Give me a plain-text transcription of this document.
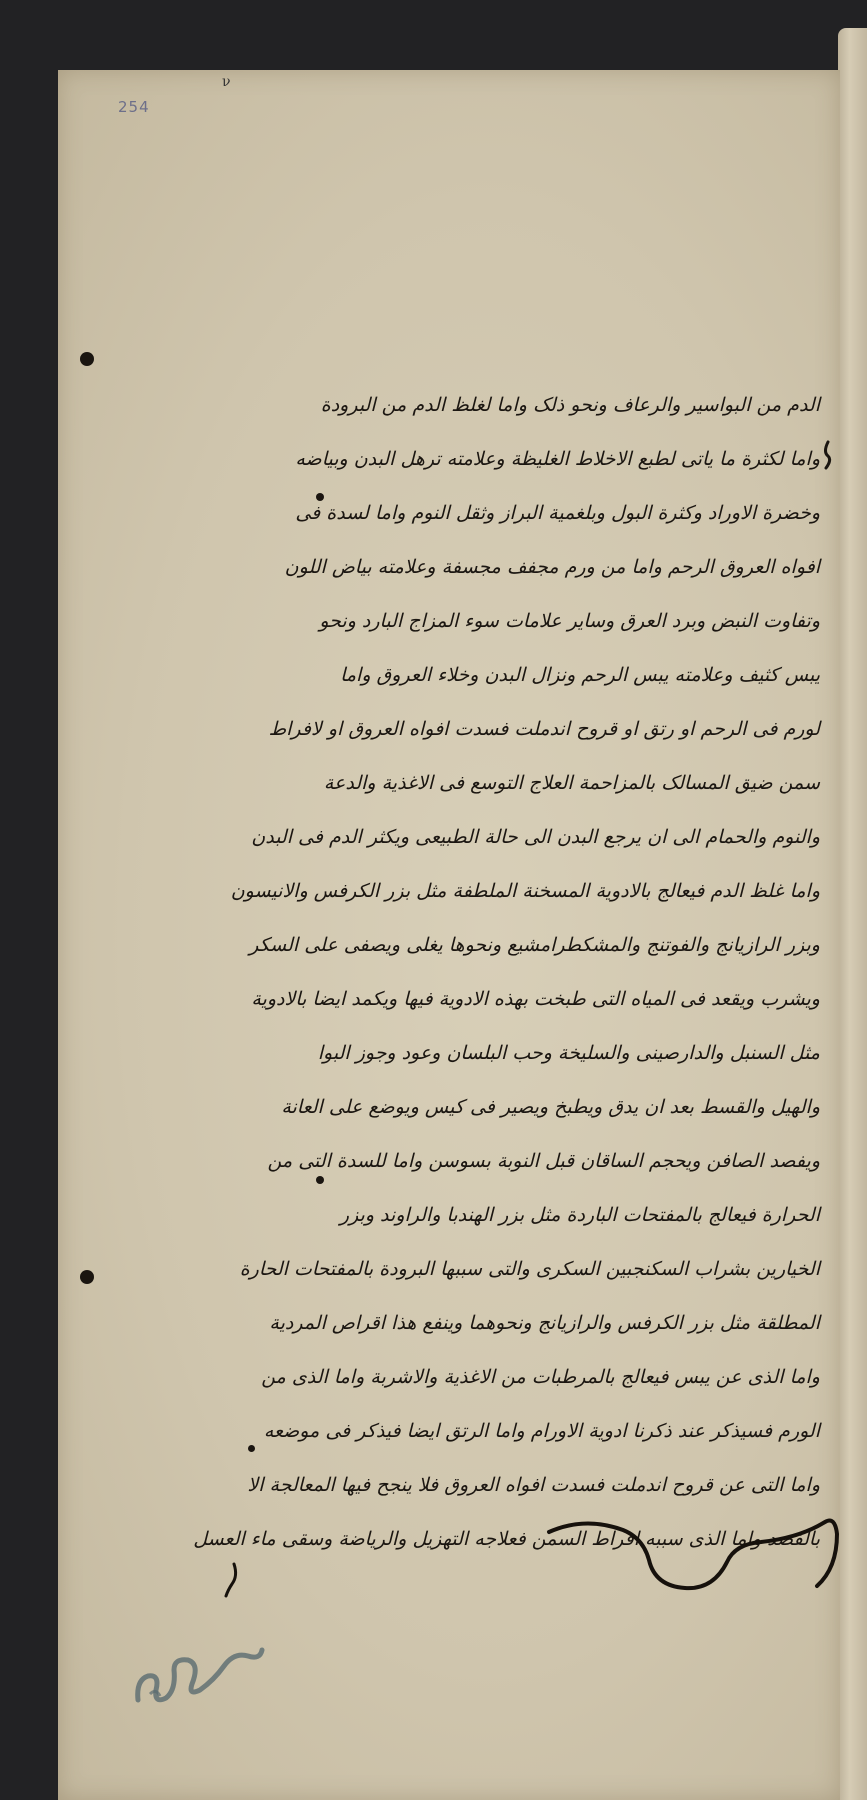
254
ν
الدم من البواسیر والرعاف ونحو ذلک واما لغلظ الدم من البرودة
واما لکثرة ما یاتی لطبع الاخلاط الغلیظة وعلامته ترهل البدن وبیاضه
وخضرة الاوراد وکثرة البول وبلغمیة البراز وثقل النوم واما لسدة فی
افواه العروق الرحم واما من ورم مجفف مجسفة وعلامته بیاض اللون
وتفاوت النبض وبرد العرق وسایر علامات سوء المزاج البارد ونحو
یبس کثیف وعلامته یبس الرحم ونزال البدن وخلاء العروق واما
لورم فی الرحم او رتق او قروح اندملت فسدت افواه العروق او لافراط
سمن ضیق المسالک بالمزاحمة العلاج التوسع فی الاغذیة والدعة
والنوم والحمام الی ان یرجع البدن الی حالة الطبیعی ویکثر الدم فی البدن
واما غلظ الدم فیعالج بالادویة المسخنة الملطفة مثل بزر الکرفس والانیسون
وبزر الرازیانج والفوتنج والمشکطرامشیع ونحوها یغلی ویصفی علی السکر
ویشرب ویقعد فی المیاه التی طبخت بهذه الادویة فیها ویکمد ایضا بالادویة
مثل السنبل والدارصینی والسلیخة وحب البلسان وعود وجوز البوا
والهیل والقسط بعد ان یدق ویطبخ ویصیر فی کیس ویوضع علی العانة
ویفصد الصافن ویحجم الساقان قبل النوبة بسوسن واما للسدة التی من
الحرارة فیعالج بالمفتحات الباردة مثل بزر الهندبا والراوند وبزر
الخیارین بشراب السکنجبین السکری والتی سببها البرودة بالمفتحات الحارة
المطلقة مثل بزر الکرفس والرازیانج ونحوهما وینفع هذا اقراص المردیة
واما الذی عن یبس فیعالج بالمرطبات من الاغذیة والاشربة واما الذی من
الورم فسیذکر عند ذکرنا ادویة الاورام واما الرتق ایضا فیذکر فی موضعه
واما التی عن قروح اندملت فسدت افواه العروق فلا ینجح فیها المعالجة الا
بالفصد واما الذی سببه افراط السمن فعلاجه التهزیل والریاضة وسقی ماء العسل
